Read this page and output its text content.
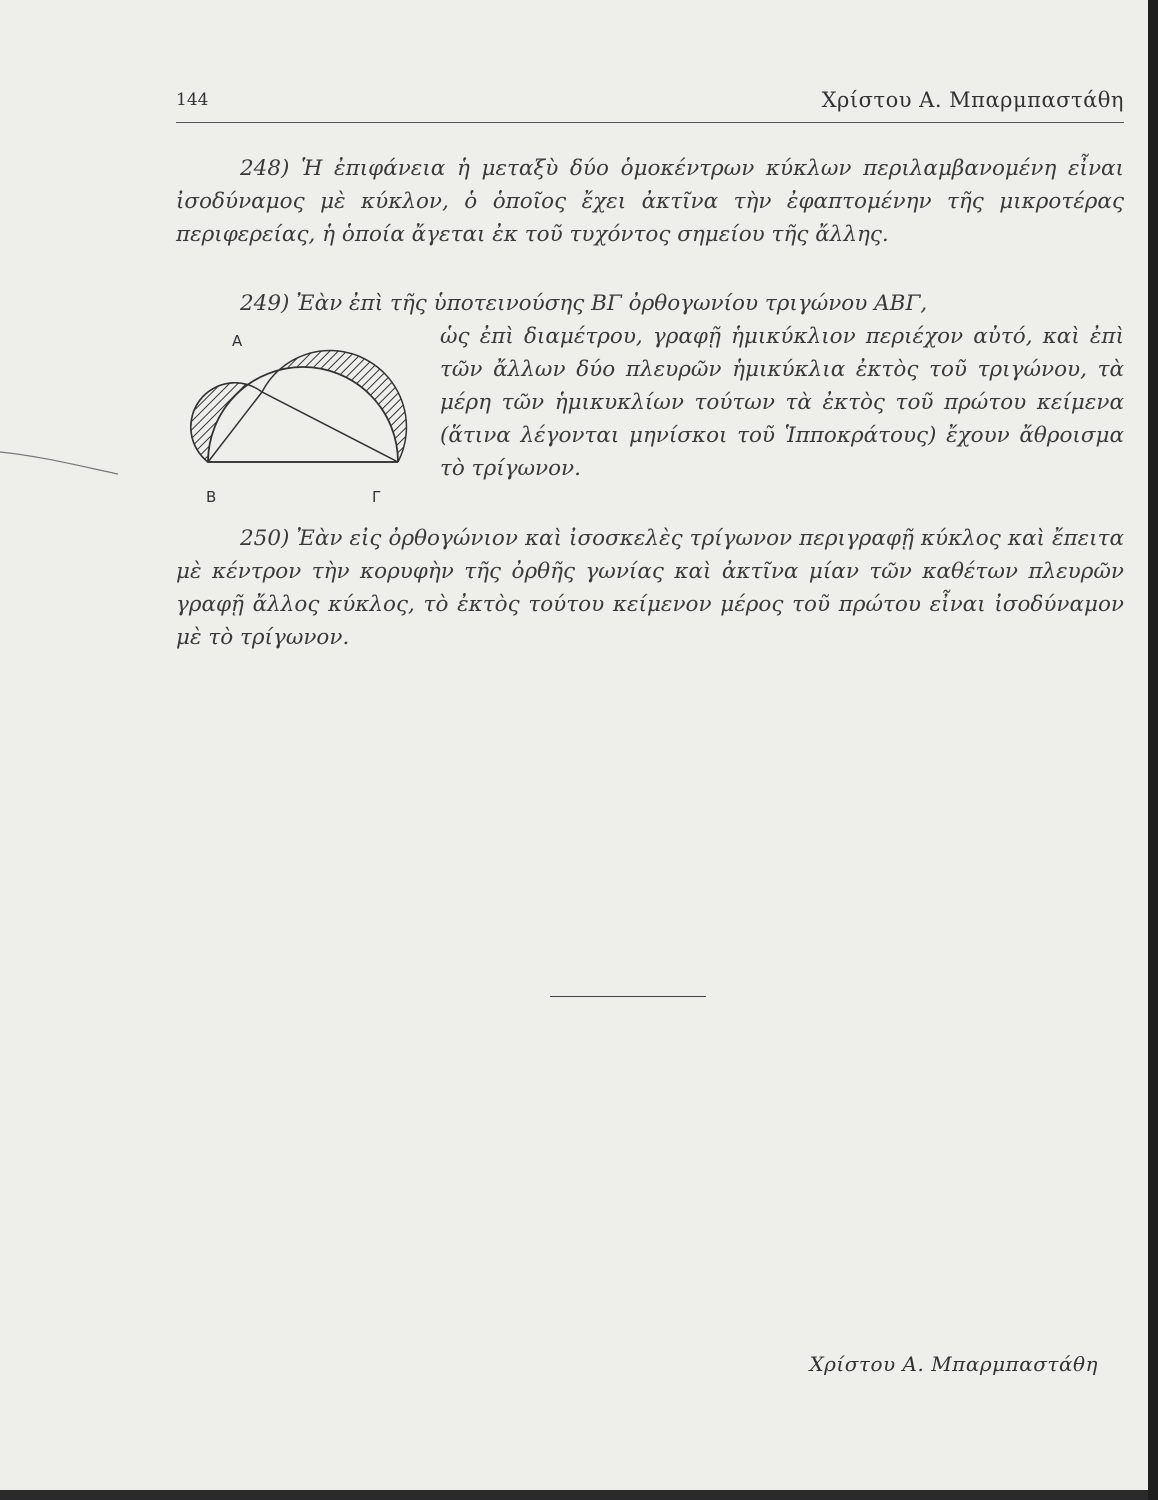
144	Χρίστου Α. Μπαρμπαστάθη

248) Ἡ ἐπιφάνεια ἡ μεταξὺ δύο ὁμοκέντρων κύκλων περιλαμβανομένη εἶναι ἰσοδύναμος μὲ κύκλον, ὁ ὁποῖος ἔχει ἀκτῖνα τὴν ἐφαπτομένην τῆς μικροτέρας περιφερείας, ἡ ὁποία ἄγεται ἐκ τοῦ τυχόντος σημείου τῆς ἄλλης.

249) Ἐὰν ἐπὶ τῆς ὑποτεινούσης ΒΓ ὀρθογωνίου τριγώνου ΑΒΓ,

Α
Β	Γ

ὡς ἐπὶ διαμέτρου, γραφῇ ἡμικύκλιον περιέχον αὐτό, καὶ ἐπὶ τῶν ἄλλων δύο πλευρῶν ἡμικύκλια ἐκτὸς τοῦ τριγώνου, τὰ μέρη τῶν ἡμικυκλίων τούτων τὰ ἐκτὸς τοῦ πρώτου κείμενα (ἅτινα λέγονται μηνίσκοι τοῦ Ἱπποκράτους) ἔχουν ἄθροισμα τὸ τρίγωνον.

250) Ἐὰν εἰς ὀρθογώνιον καὶ ἰσοσκελὲς τρίγωνον περιγραφῇ κύκλος καὶ ἔπειτα μὲ κέντρον τὴν κορυφὴν τῆς ὀρθῆς γωνίας καὶ ἀκτῖνα μίαν τῶν καθέτων πλευρῶν γραφῇ ἄλλος κύκλος, τὸ ἐκτὸς τούτου κείμενον μέρος τοῦ πρώτου εἶναι ἰσοδύναμον μὲ τὸ τρίγωνον.

Χρίστου Α. Μπαρμπαστάθη
